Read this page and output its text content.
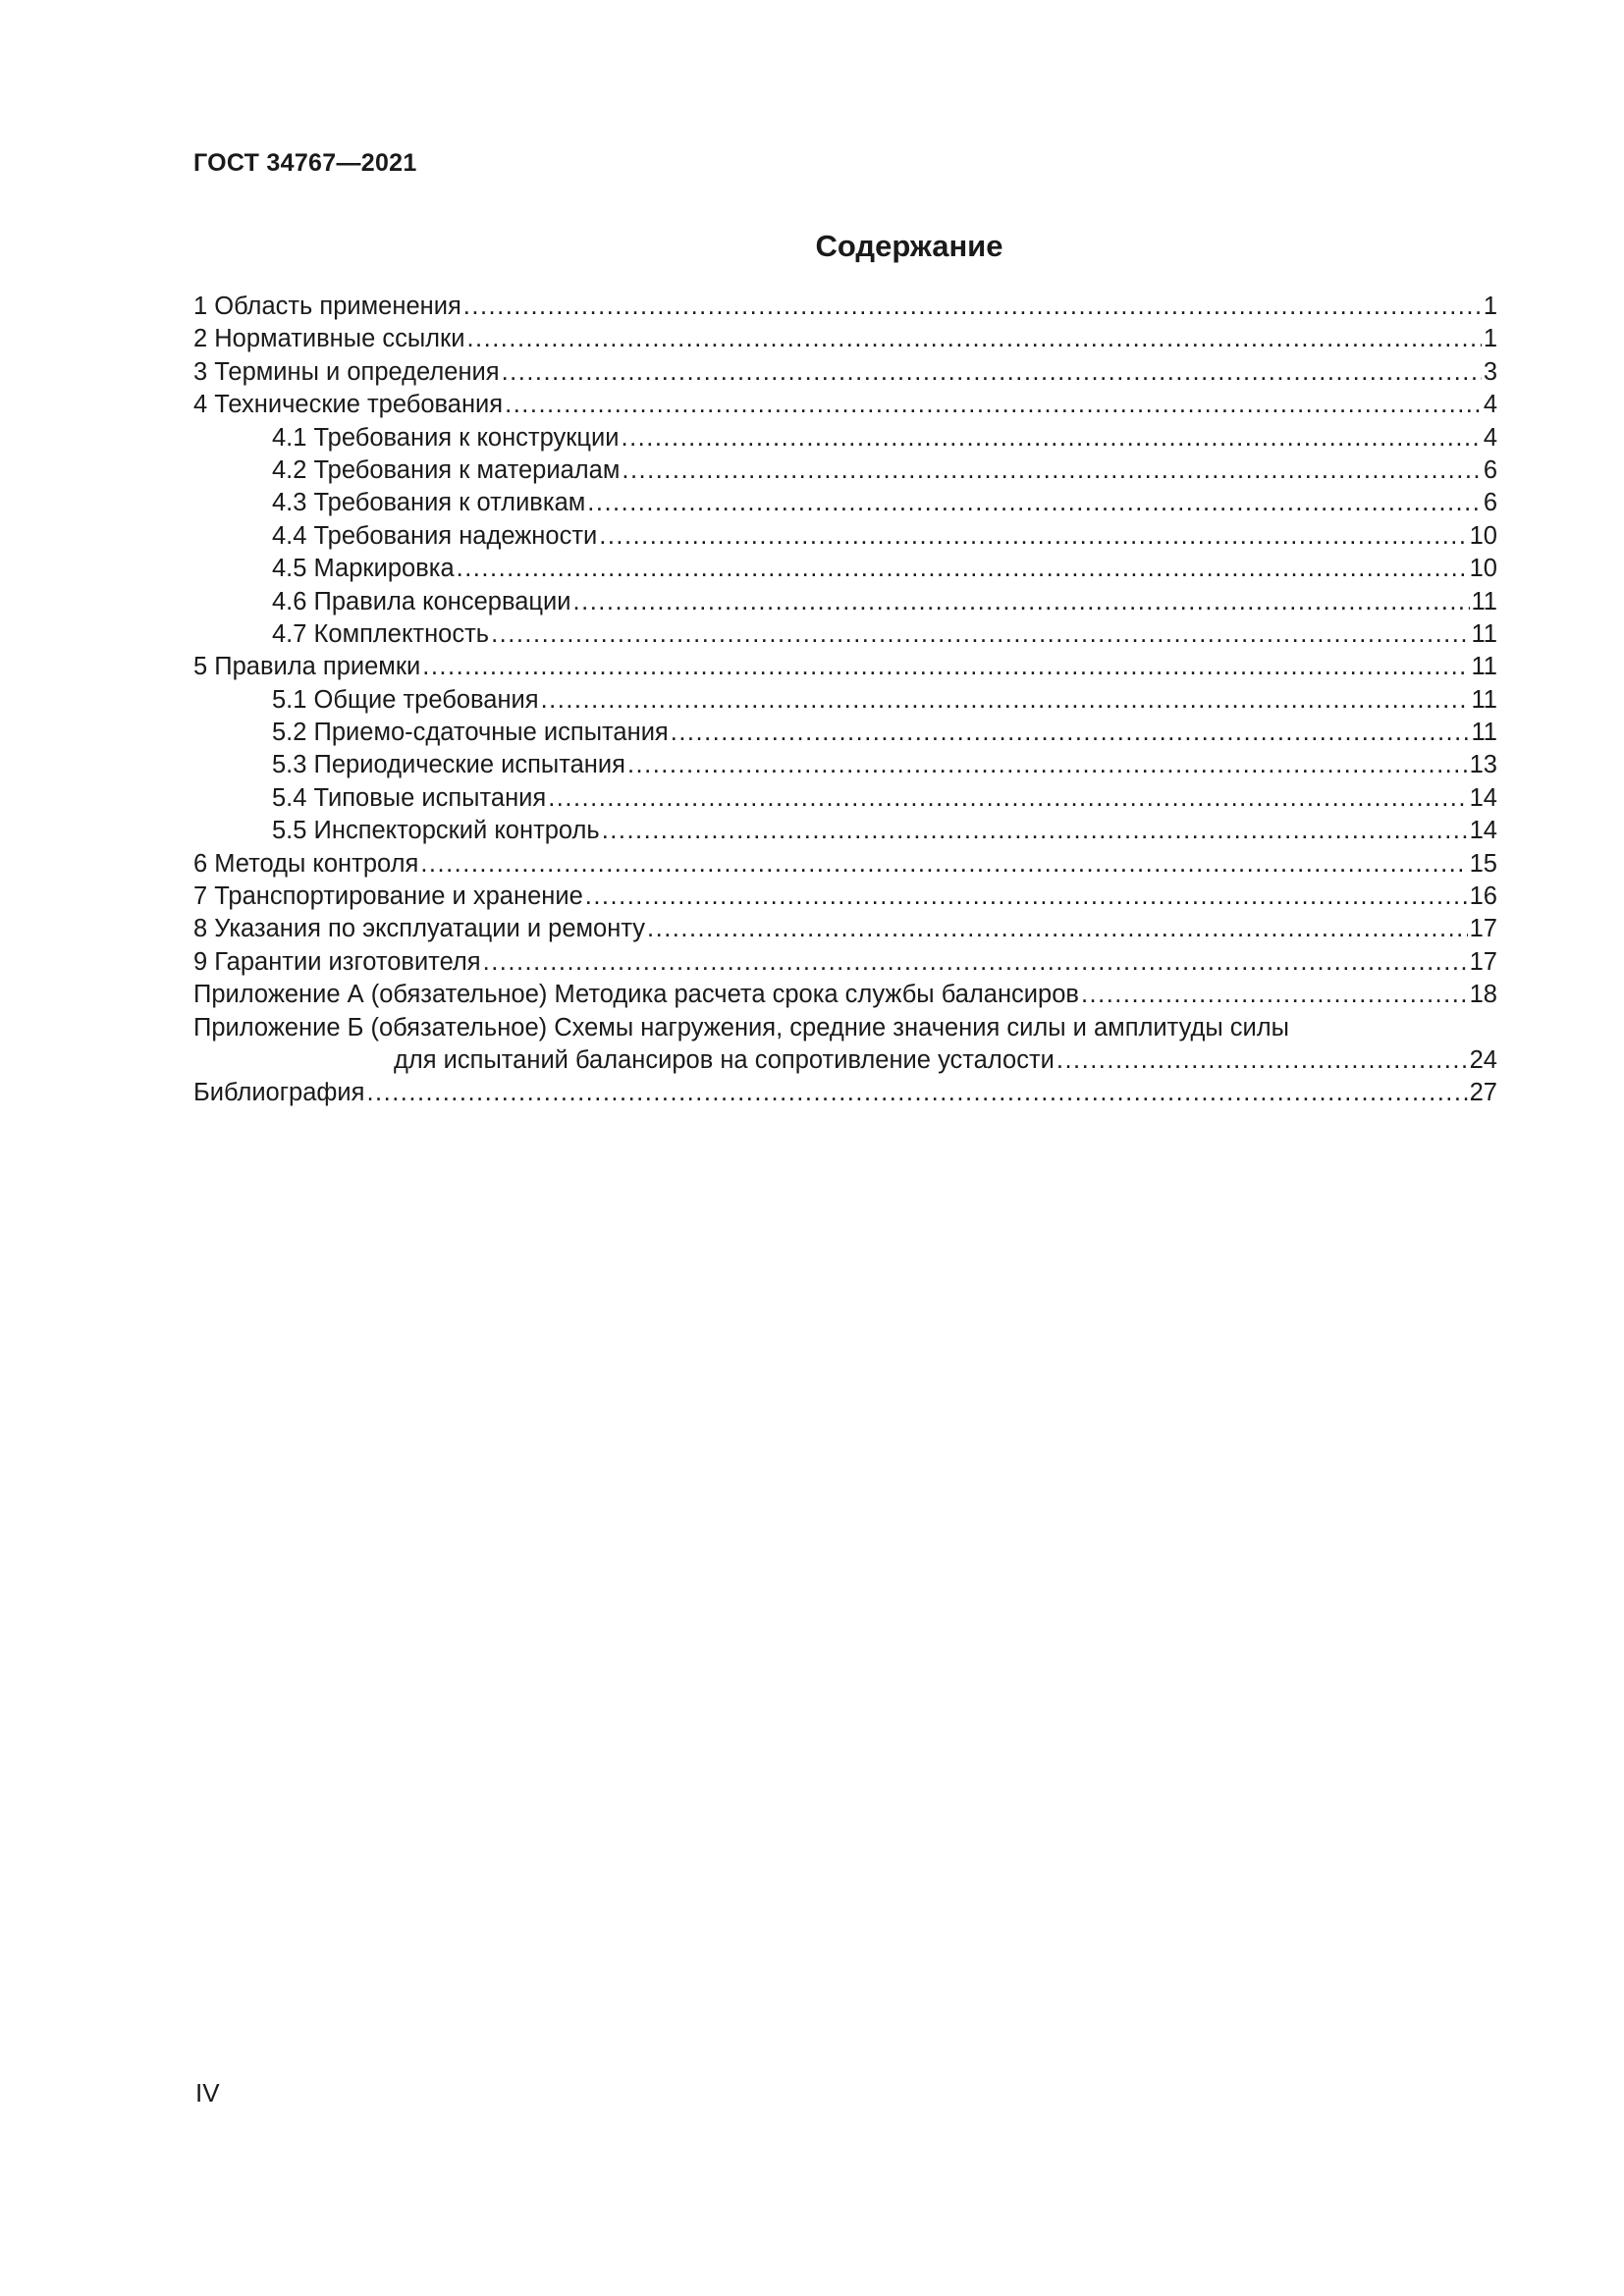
ГОСТ 34767—2021
Содержание
1 Область применения .....	1
2 Нормативные ссылки .....	1
3 Термины и определения .....	3
4 Технические требования .....	4
4.1 Требования к конструкции .....	4
4.2 Требования к материалам .....	6
4.3 Требования к отливкам .....	6
4.4 Требования надежности .....	10
4.5 Маркировка .....	10
4.6 Правила консервации .....	11
4.7 Комплектность .....	11
5 Правила приемки .....	11
5.1 Общие требования .....	11
5.2 Приемо-сдаточные испытания .....	11
5.3 Периодические испытания .....	13
5.4 Типовые испытания .....	14
5.5 Инспекторский контроль .....	14
6 Методы контроля .....	15
7 Транспортирование и хранение .....	16
8 Указания по эксплуатации и ремонту .....	17
9 Гарантии изготовителя .....	17
Приложение А (обязательное) Методика расчета срока службы балансиров .....	18
Приложение Б (обязательное) Схемы нагружения, средние значения силы и амплитуды силы
для испытаний балансиров на сопротивление усталости .....	24
Библиография .....	27
IV
